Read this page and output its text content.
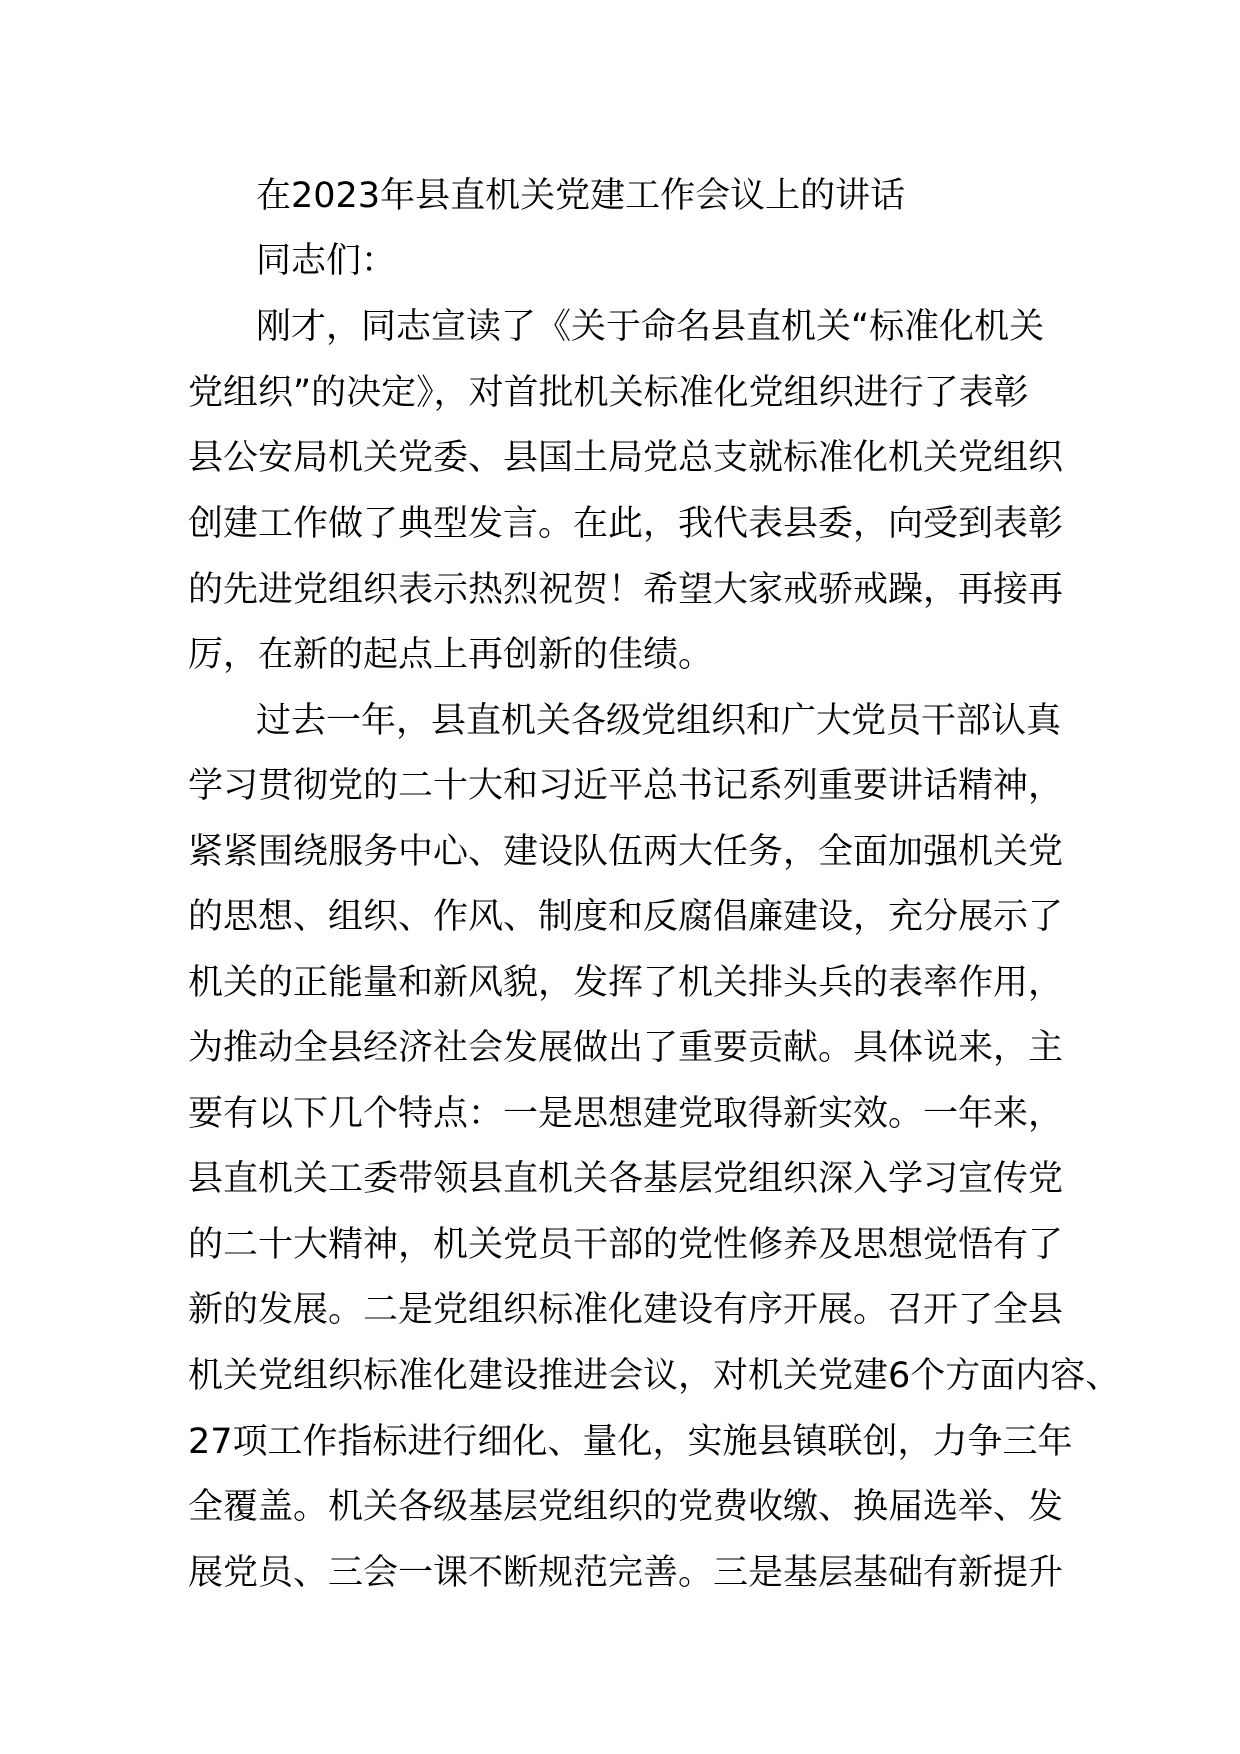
在2023年县直机关党建工作会议上的讲话
同志们：
刚才，同志宣读了《关于命名县直机关“标准化机关
党组织”的决定》，对首批机关标准化党组织进行了表彰
县公安局机关党委、县国土局党总支就标准化机关党组织
创建工作做了典型发言。在此，我代表县委，向受到表彰
的先进党组织表示热烈祝贺！希望大家戒骄戒躁，再接再
厉，在新的起点上再创新的佳绩。
过去一年，县直机关各级党组织和广大党员干部认真
学习贯彻党的二十大和习近平总书记系列重要讲话精神，
紧紧围绕服务中心、建设队伍两大任务，全面加强机关党
的思想、组织、作风、制度和反腐倡廉建设，充分展示了
机关的正能量和新风貌，发挥了机关排头兵的表率作用，
为推动全县经济社会发展做出了重要贡献。具体说来，主
要有以下几个特点：一是思想建党取得新实效。一年来，
县直机关工委带领县直机关各基层党组织深入学习宣传党
的二十大精神，机关党员干部的党性修养及思想觉悟有了
新的发展。二是党组织标准化建设有序开展。召开了全县
机关党组织标准化建设推进会议，对机关党建6个方面内容、
27项工作指标进行细化、量化，实施县镇联创，力争三年
全覆盖。机关各级基层党组织的党费收缴、换届选举、发
展党员、三会一课不断规范完善。三是基层基础有新提升
